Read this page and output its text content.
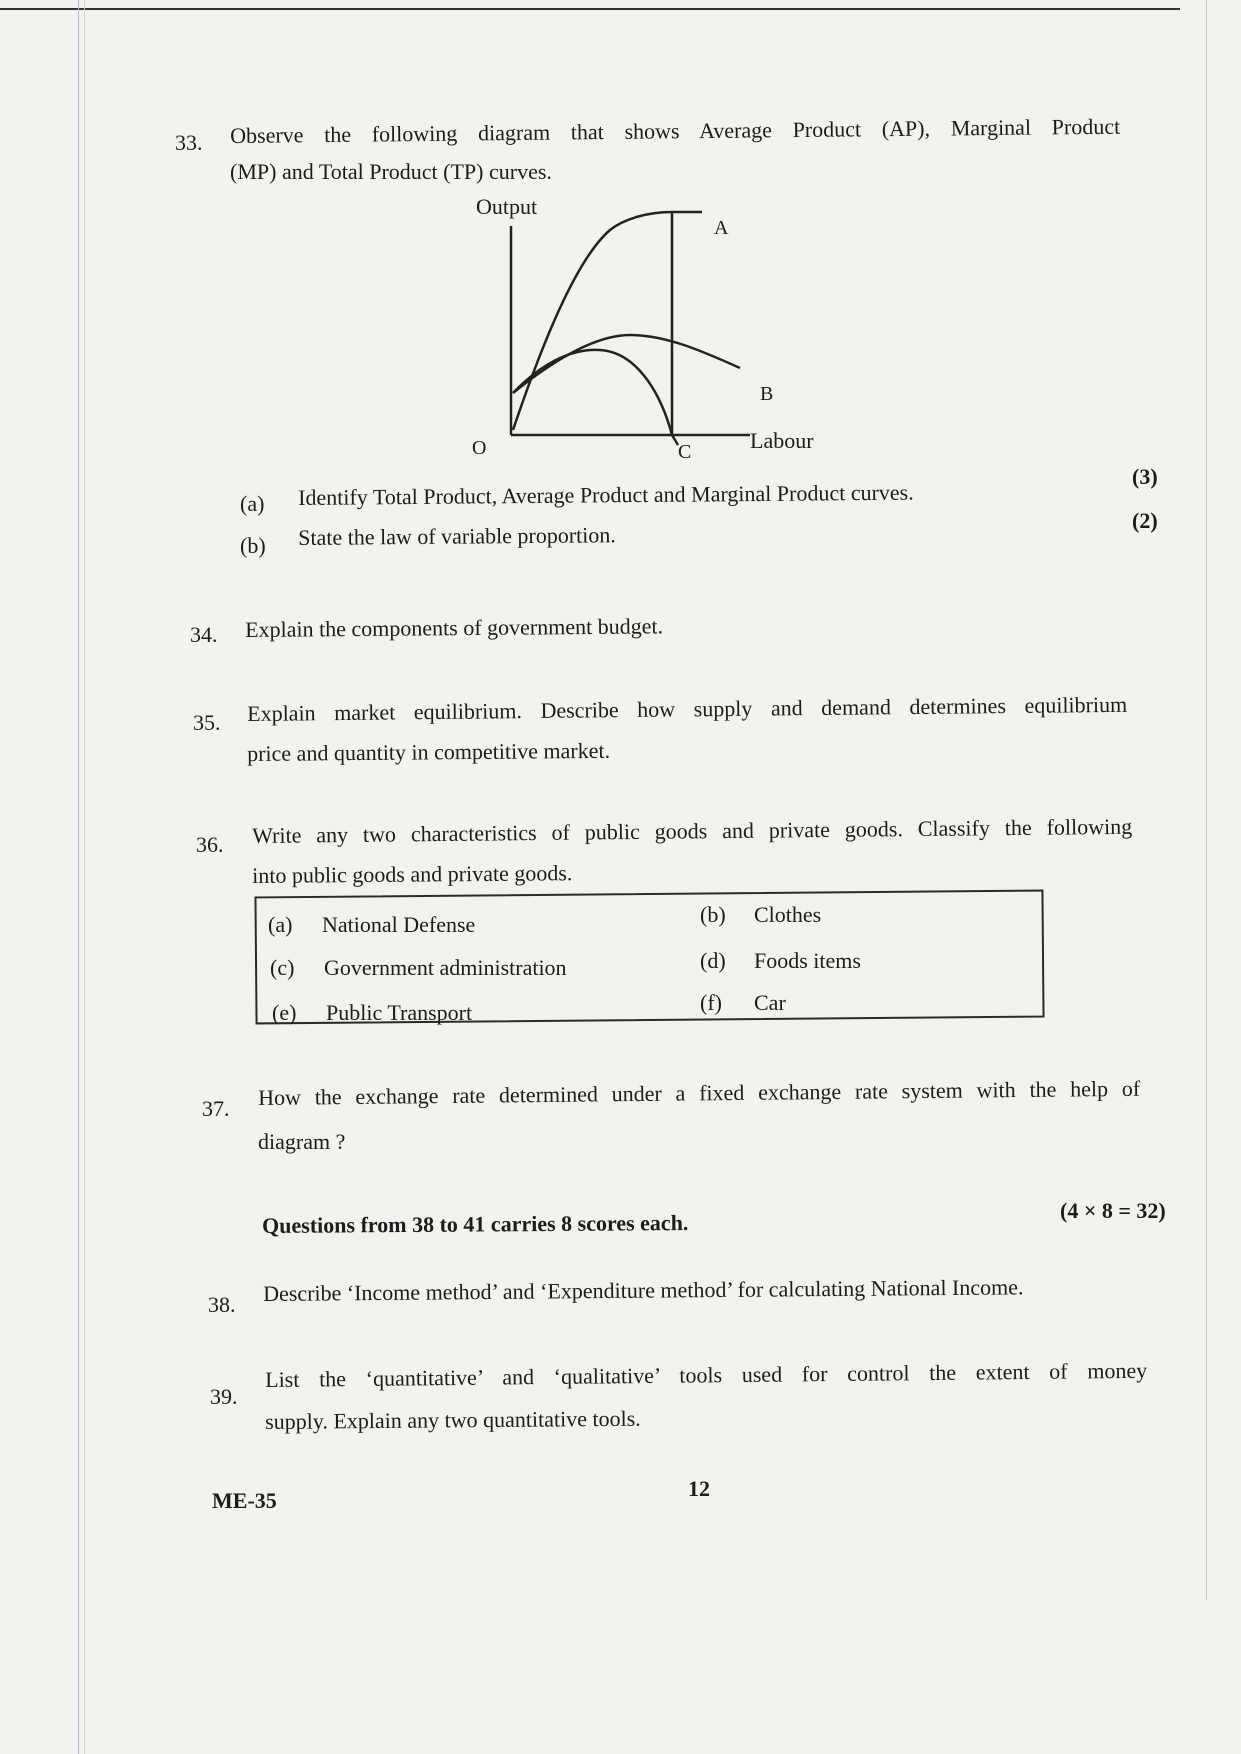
33. Observe the following diagram that shows Average Product (AP), Marginal Product
(MP) and Total Product (TP) curves.
Output
A
B
O	C	Labour
(a) Identify Total Product, Average Product and Marginal Product curves.
(3)
(b) State the law of variable proportion.
(2)
34. Explain the components of government budget.
35. Explain market equilibrium. Describe how supply and demand determines equilibrium
price and quantity in competitive market.
36. Write any two characteristics of public goods and private goods. Classify the following
into public goods and private goods.
(a) National Defense	(b) Clothes
(c) Government administration	(d) Foods items
(e) Public Transport	(f) Car
37. How the exchange rate determined under a fixed exchange rate system with the help of
diagram ?
Questions from 38 to 41 carries 8 scores each.	(4 × 8 = 32)
38. Describe ‘Income method’ and ‘Expenditure method’ for calculating National Income.
39.
List the ‘quantitative’ and ‘qualitative’ tools used for control the extent of money
supply. Explain any two quantitative tools.
ME-35	12
